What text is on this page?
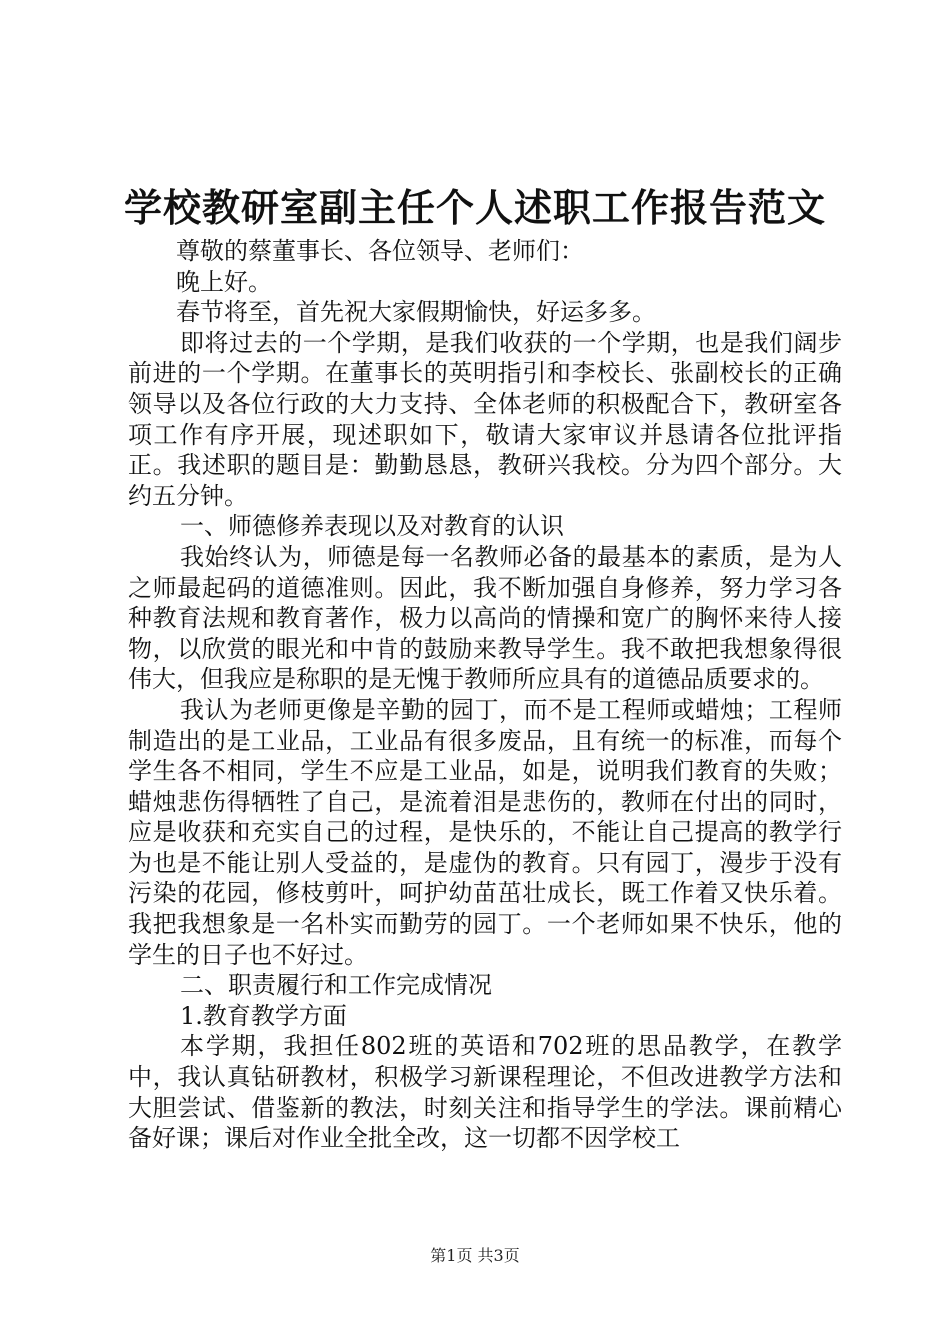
学校教研室副主任个人述职工作报告范文

尊敬的蔡董事长、各位领导、老师们：

晚上好。

春节将至，首先祝大家假期愉快，好运多多。

即将过去的一个学期，是我们收获的一个学期，也是我们阔步前进的一个学期。在董事长的英明指引和李校长、张副校长的正确领导以及各位行政的大力支持、全体老师的积极配合下，教研室各项工作有序开展，现述职如下，敬请大家审议并恳请各位批评指正。我述职的题目是：勤勤恳恳，教研兴我校。分为四个部分。大约五分钟。

一、师德修养表现以及对教育的认识

我始终认为，师德是每一名教师必备的最基本的素质，是为人之师最起码的道德准则。因此，我不断加强自身修养，努力学习各种教育法规和教育著作，极力以高尚的情操和宽广的胸怀来待人接物，以欣赏的眼光和中肯的鼓励来教导学生。我不敢把我想象得很伟大，但我应是称职的是无愧于教师所应具有的道德品质要求的。

我认为老师更像是辛勤的园丁，而不是工程师或蜡烛；工程师制造出的是工业品，工业品有很多废品，且有统一的标准，而每个学生各不相同，学生不应是工业品，如是，说明我们教育的失败；蜡烛悲伤得牺牲了自己，是流着泪是悲伤的，教师在付出的同时，应是收获和充实自己的过程，是快乐的，不能让自己提高的教学行为也是不能让别人受益的，是虚伪的教育。只有园丁，漫步于没有污染的花园，修枝剪叶，呵护幼苗茁壮成长，既工作着又快乐着。我把我想象是一名朴实而勤劳的园丁。一个老师如果不快乐，他的学生的日子也不好过。

二、职责履行和工作完成情况

1.教育教学方面

本学期，我担任802班的英语和702班的思品教学，在教学中，我认真钻研教材，积极学习新课程理论，不但改进教学方法和大胆尝试、借鉴新的教法，时刻关注和指导学生的学法。课前精心备好课；课后对作业全批全改，这一切都不因学校工

第1页 共3页
